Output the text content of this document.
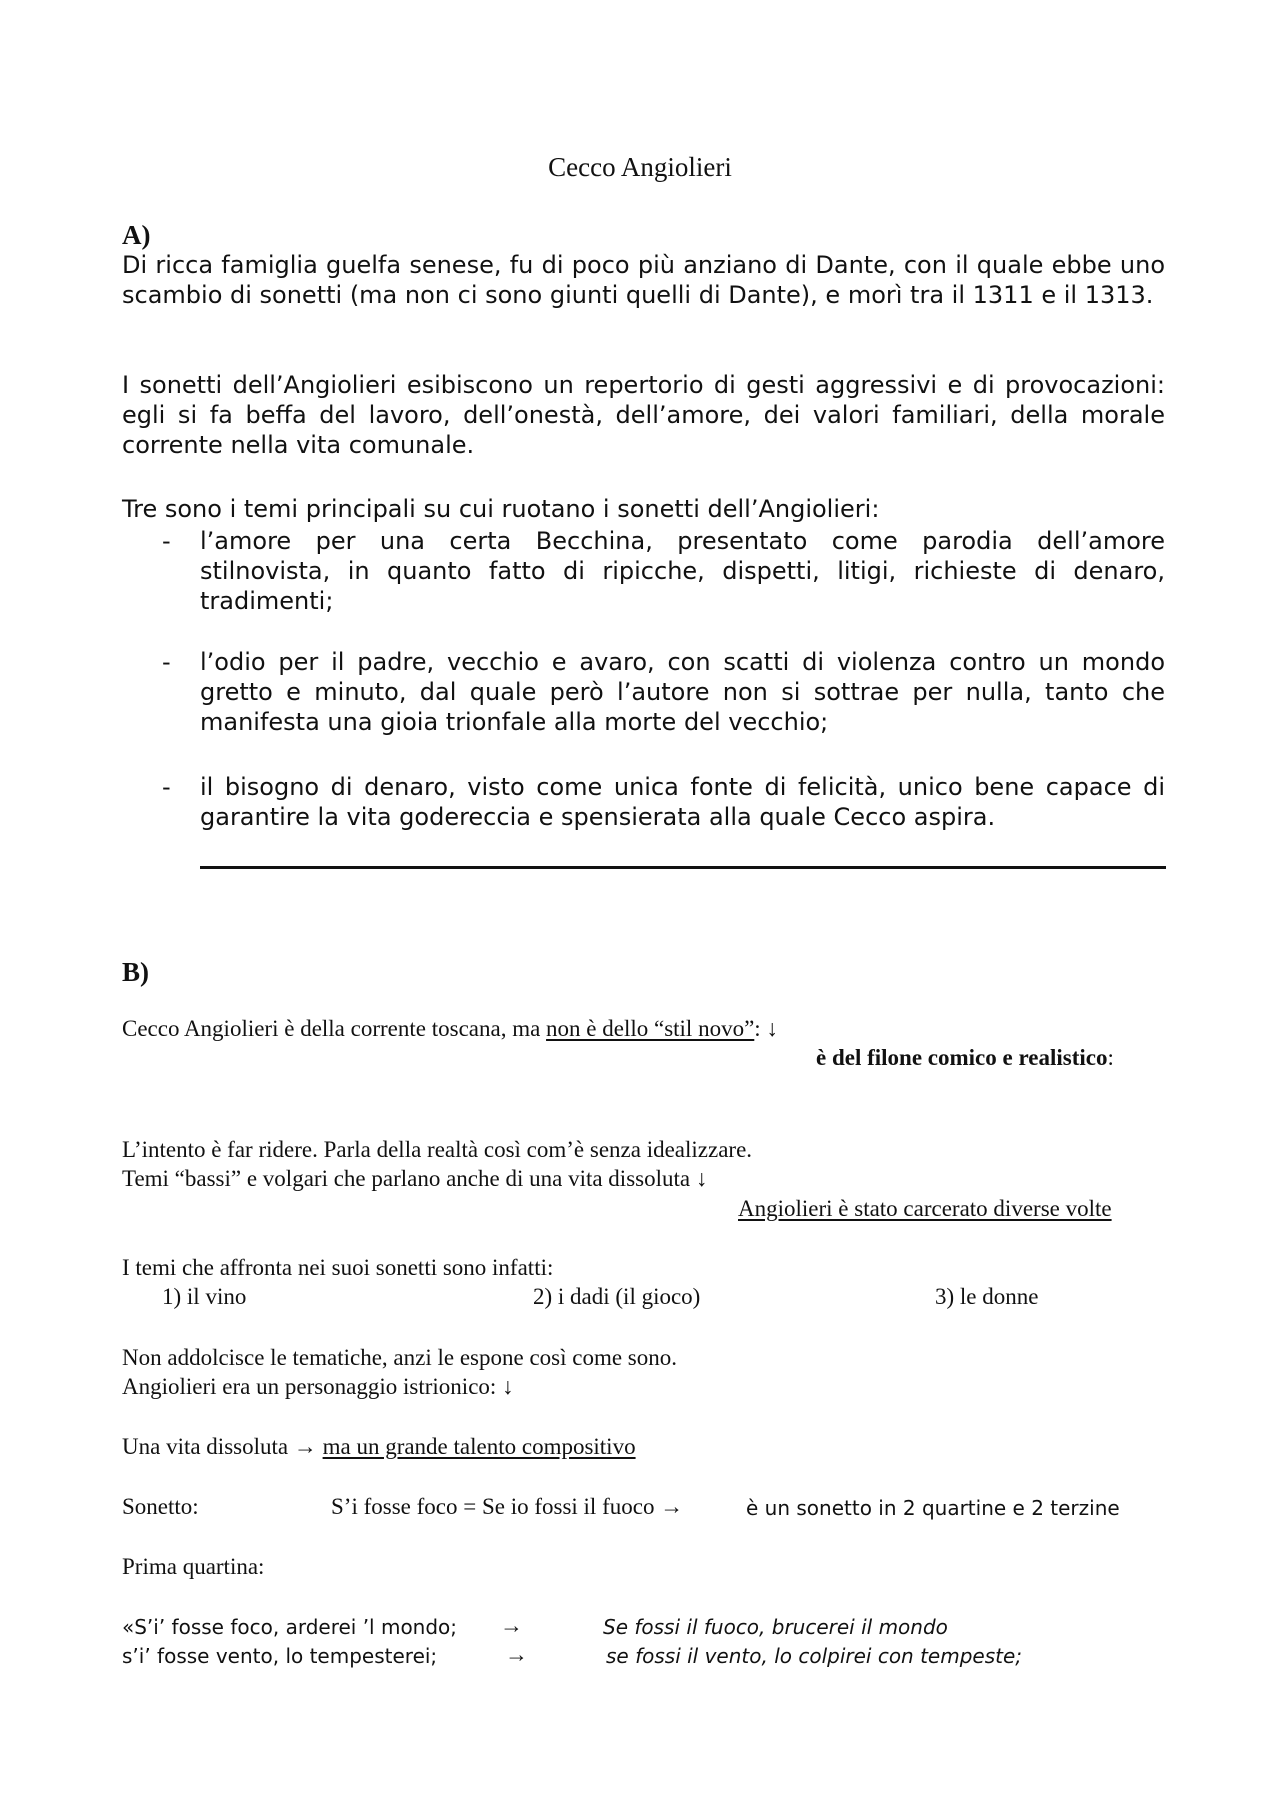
Cecco Angiolieri
A)
Di ricca famiglia guelfa senese, fu di poco più anziano di Dante, con il quale ebbe uno scambio di sonetti (ma non ci sono giunti quelli di Dante), e morì tra il 1311 e il 1313.
I sonetti dell’Angiolieri esibiscono un repertorio di gesti aggressivi e di provocazioni: egli si fa beffa del lavoro, dell’onestà, dell’amore, dei valori familiari, della morale corrente nella vita comunale.
Tre sono i temi principali su cui ruotano i sonetti dell’Angiolieri:
- l’amore per una certa Becchina, presentato come parodia dell’amore stilnovista, in quanto fatto di ripicche, dispetti, litigi, richieste di denaro, tradimenti;
- l’odio per il padre, vecchio e avaro, con scatti di violenza contro un mondo gretto e minuto, dal quale però l’autore non si sottrae per nulla, tanto che manifesta una gioia trionfale alla morte del vecchio;
- il bisogno di denaro, visto come unica fonte di felicità, unico bene capace di garantire la vita godereccia e spensierata alla quale Cecco aspira.
B)
Cecco Angiolieri è della corrente toscana, ma non è dello “stil novo”: ↓
è del filone comico e realistico:
L’intento è far ridere. Parla della realtà così com’è senza idealizzare.
Temi “bassi” e volgari che parlano anche di una vita dissoluta ↓
Angiolieri è stato carcerato diverse volte
I temi che affronta nei suoi sonetti sono infatti:
1) il vino	2) i dadi (il gioco)	3) le donne
Non addolcisce le tematiche, anzi le espone così come sono.
Angiolieri era un personaggio istrionico: ↓
Una vita dissoluta → ma un grande talento compositivo
Sonetto:	S’i fosse foco = Se io fossi il fuoco →	è un sonetto in 2 quartine e 2 terzine
Prima quartina:
«S’i’ fosse foco, arderei ’l mondo; →	Se fossi il fuoco, brucerei il mondo
s’i’ fosse vento, lo tempesterei;	→	se fossi il vento, lo colpirei con tempeste;
